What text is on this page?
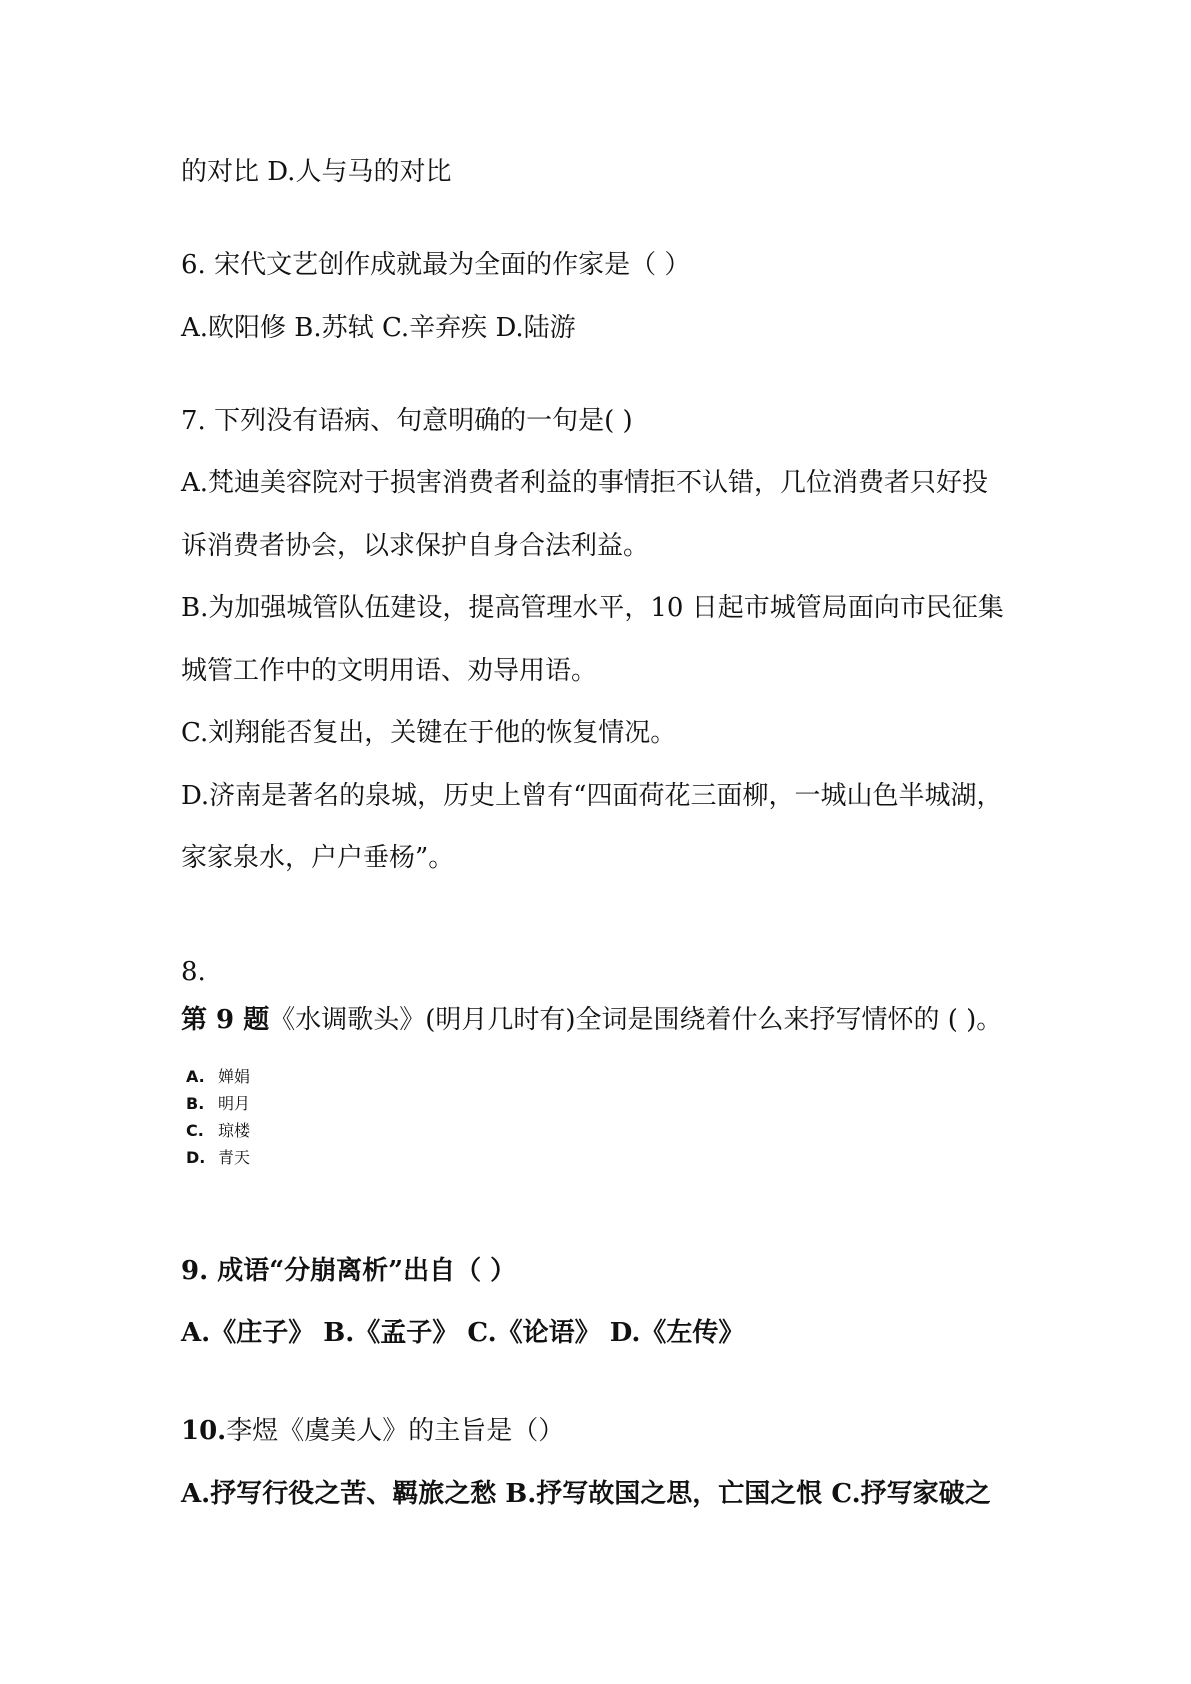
的对比 D.人与马的对比
6. 宋代文艺创作成就最为全面的作家是（ ）
A.欧阳修 B.苏轼 C.辛弃疾 D.陆游
7. 下列没有语病、句意明确的一句是( )
A.梵迪美容院对于损害消费者利益的事情拒不认错，几位消费者只好投
诉消费者协会，以求保护自身合法利益。
B.为加强城管队伍建设，提高管理水平，10 日起市城管局面向市民征集
城管工作中的文明用语、劝导用语。
C.刘翔能否复出，关键在于他的恢复情况。
D.济南是著名的泉城，历史上曾有“四面荷花三面柳，一城山色半城湖，
家家泉水，户户垂杨”。
8.
第 9 题《水调歌头》(明月几时有)全词是围绕着什么来抒写情怀的 ( )。
A. 婵娟
B. 明月
C. 琼楼
D. 青天
9. 成语“分崩离析”出自（ ）
A.《庄子》 B.《孟子》 C.《论语》 D.《左传》
10.李煜《虞美人》的主旨是（）
A.抒写行役之苦、羁旅之愁 B.抒写故国之思，亡国之恨 C.抒写家破之
